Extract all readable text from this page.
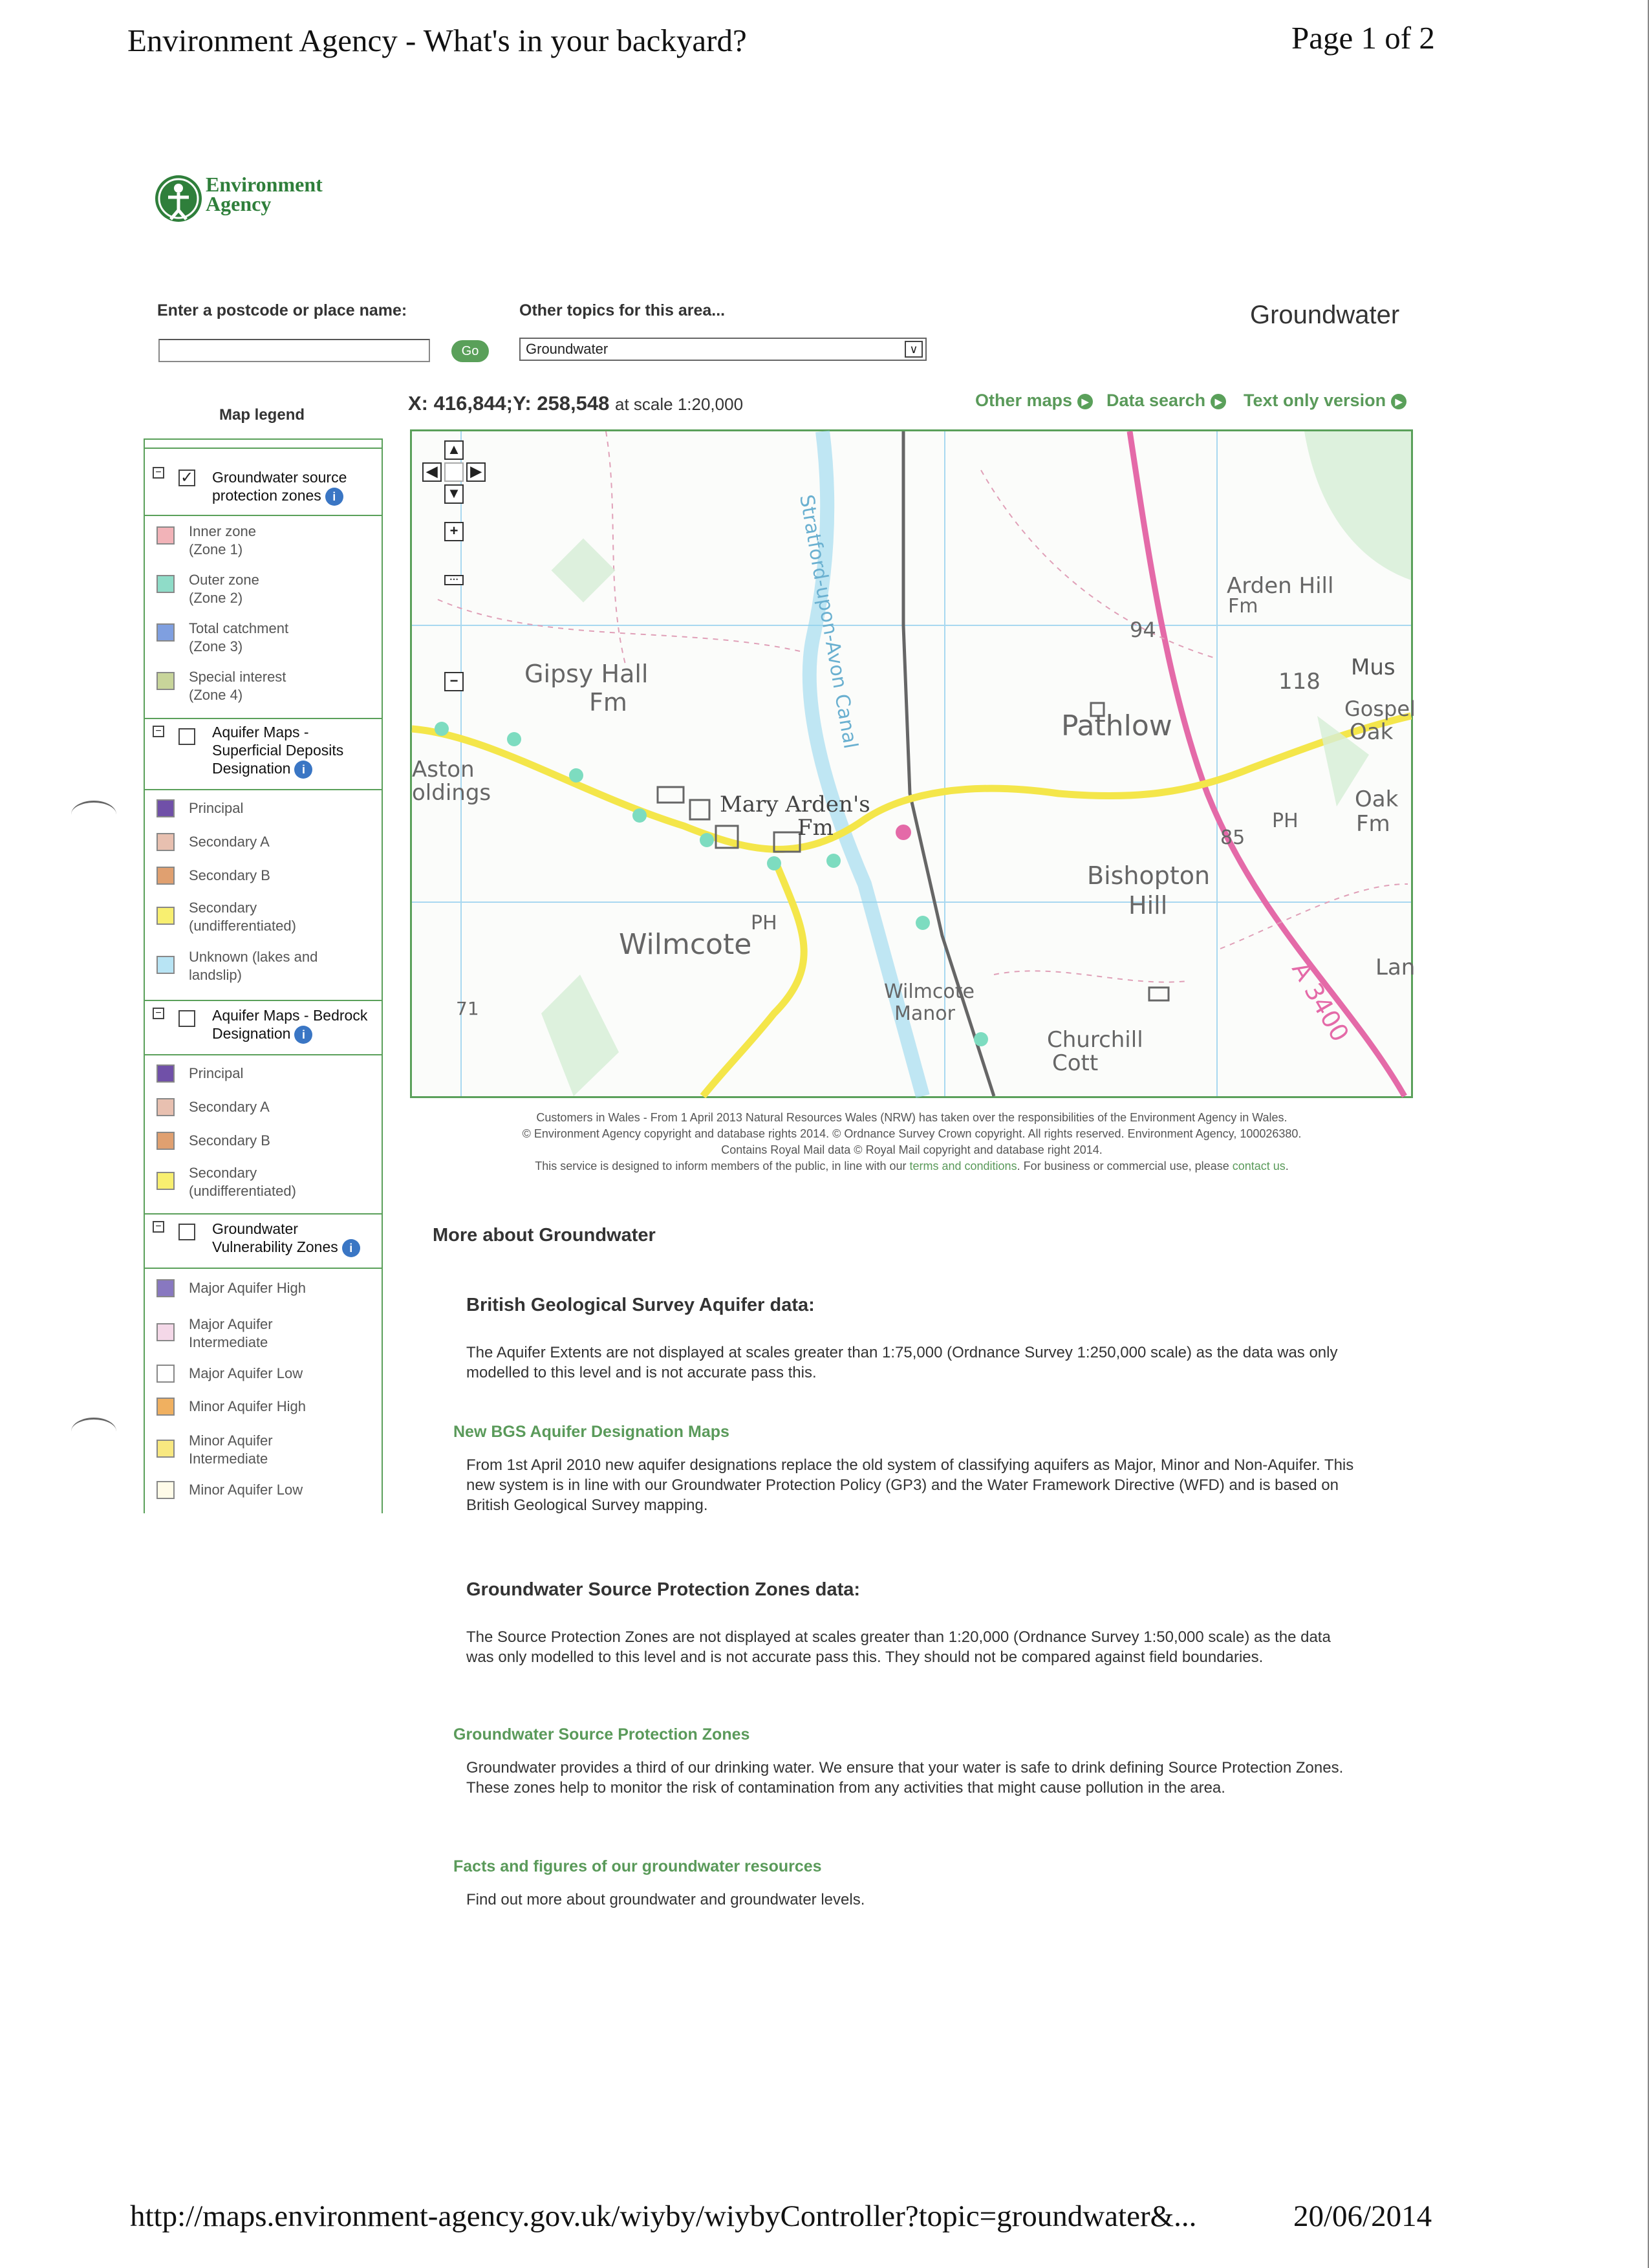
Environment Agency - What's in your backyard?	Page 1 of 2
Environment
Agency
Enter a postcode or place name:
Go
Other topics for this area...
Groundwater	∨
Groundwater
Map legend
X: 416,844;Y: 258,548 at scale 1:20,000	Other maps ▶ Data search ▶ Text only version ▶
− ✓ Groundwater source
protection zones i
Inner zone
(Zone 1)
Outer zone
(Zone 2)
Total catchment
(Zone 3)
Special interest
(Zone 4)
−	Aquifer Maps -
Superficial Deposits
Designation i
Principal
Secondary A
Secondary B
Secondary
(undifferentiated)
Unknown (lakes and
landslip)
−	Aquifer Maps - Bedrock
Designation i
Principal
Secondary A
Secondary B
Secondary
(undifferentiated)
−	Groundwater
Vulnerability Zones i
Major Aquifer High
Major Aquifer
Intermediate
Major Aquifer Low
Minor Aquifer High
Minor Aquifer
Intermediate
Minor Aquifer Low
Gipsy Hall
Fm
Aston
oldings	Mary Arden's
Fm
Pathlow
Arden Hill
Fm
94
118
Mus
Gospel
Oak
Oak
Fm
PH
85
Bishopton
Hill
Wilmcote
PH
Wilmcote
Manor
Churchill
Cott
A 3400 Lan
71
Stratford-upon-Avon Canal
▲
◀ ▶
▼
+
⋯
−
Customers in Wales - From 1 April 2013 Natural Resources Wales (NRW) has taken over the responsibilities of the Environment Agency in Wales.
© Environment Agency copyright and database rights 2014. © Ordnance Survey Crown copyright. All rights reserved. Environment Agency, 100026380.
Contains Royal Mail data © Royal Mail copyright and database right 2014.
This service is designed to inform members of the public, in line with our terms and conditions. For business or commercial use, please contact us.
More about Groundwater
British Geological Survey Aquifer data:
The Aquifer Extents are not displayed at scales greater than 1:75,000 (Ordnance Survey 1:250,000 scale) as the data was only modelled to this level and is not accurate pass this.
New BGS Aquifer Designation Maps
From 1st April 2010 new aquifer designations replace the old system of classifying aquifers as Major, Minor and Non-Aquifer. This new system is in line with our Groundwater Protection Policy (GP3) and the Water Framework Directive (WFD) and is based on British Geological Survey mapping.
Groundwater Source Protection Zones data:
The Source Protection Zones are not displayed at scales greater than 1:20,000 (Ordnance Survey 1:50,000 scale) as the data was only modelled to this level and is not accurate pass this. They should not be compared against field boundaries.
Groundwater Source Protection Zones
Groundwater provides a third of our drinking water. We ensure that your water is safe to drink defining Source Protection Zones. These zones help to monitor the risk of contamination from any activities that might cause pollution in the area.
Facts and figures of our groundwater resources
Find out more about groundwater and groundwater levels.
http://maps.environment-agency.gov.uk/wiyby/wiybyController?topic=groundwater&...	20/06/2014
